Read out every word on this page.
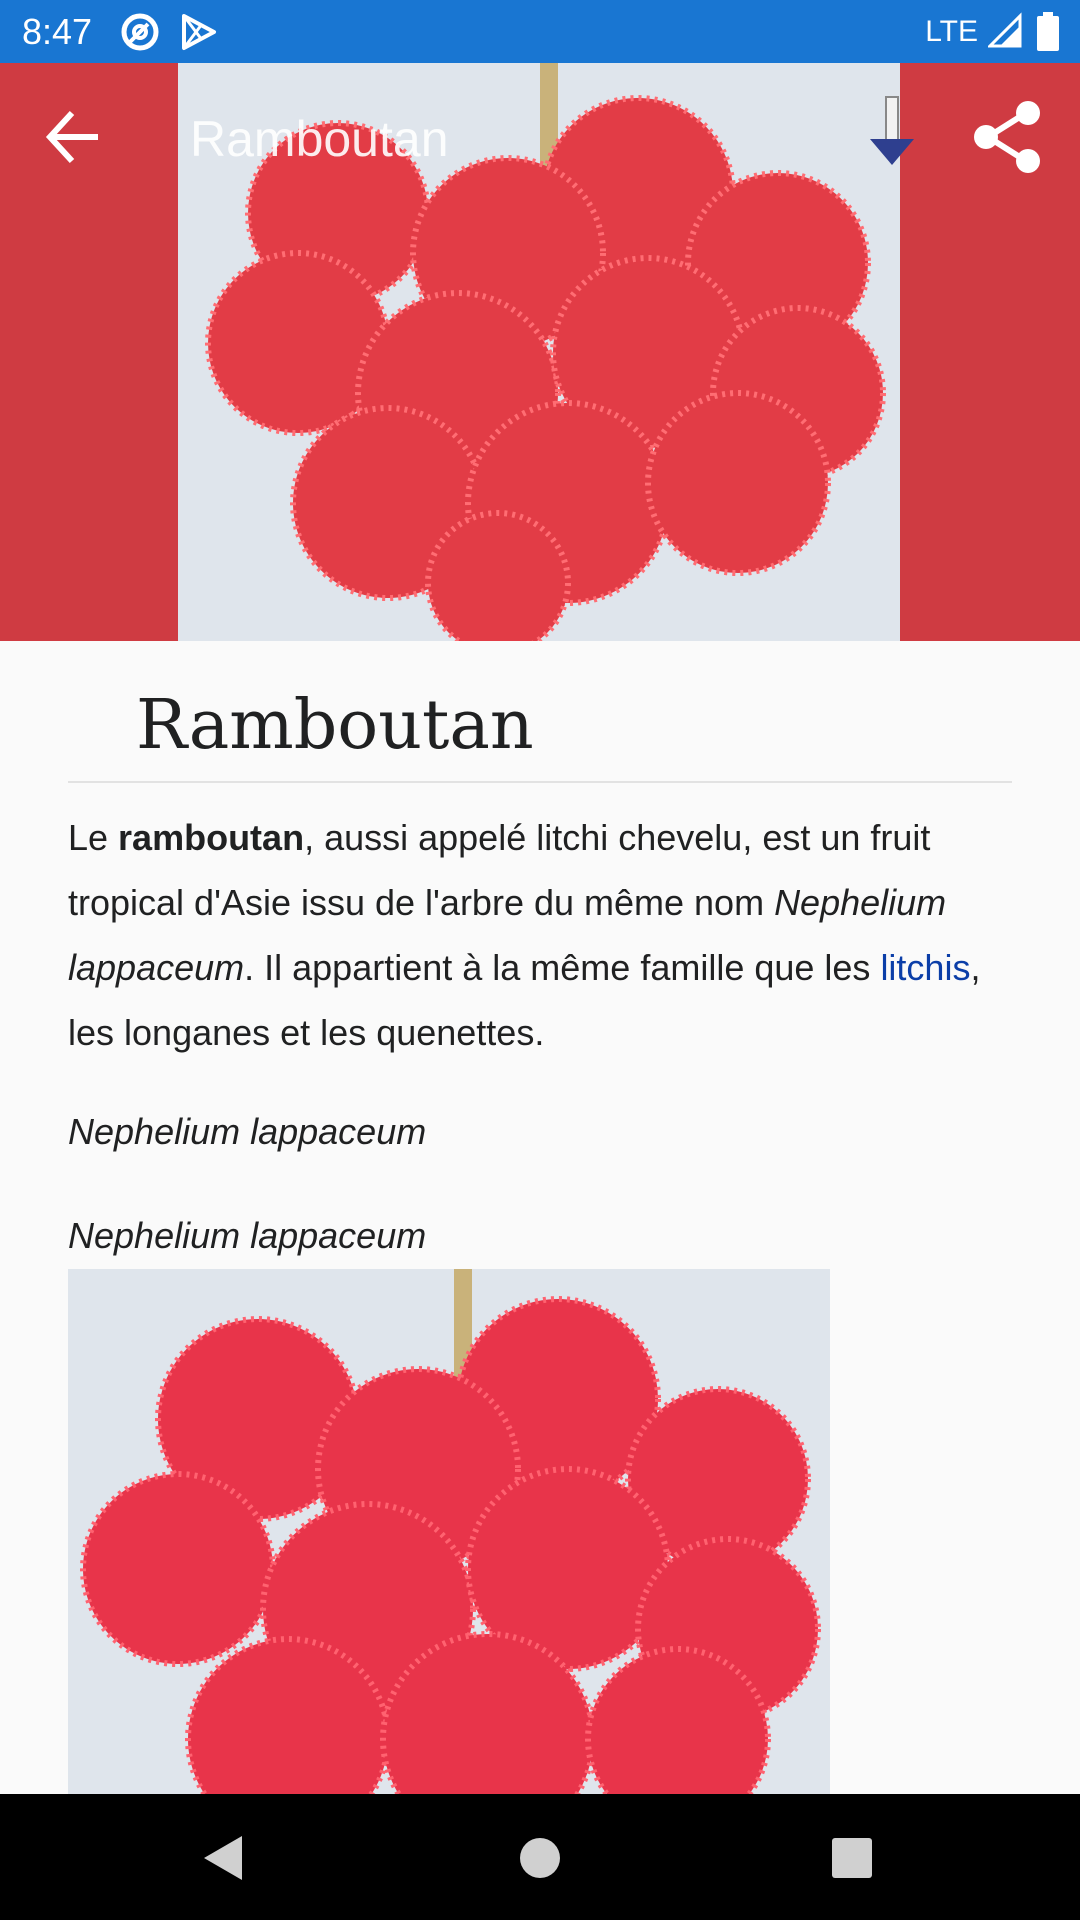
8:47	LTE
Ramboutan
Ramboutan

Le ramboutan, aussi appelé litchi chevelu, est un fruit tropical d'Asie issu de l'arbre du même nom Nephelium lappaceum. Il appartient à la même famille que les litchis, les longanes et les quenettes.

Nephelium lappaceum

Nephelium lappaceum
